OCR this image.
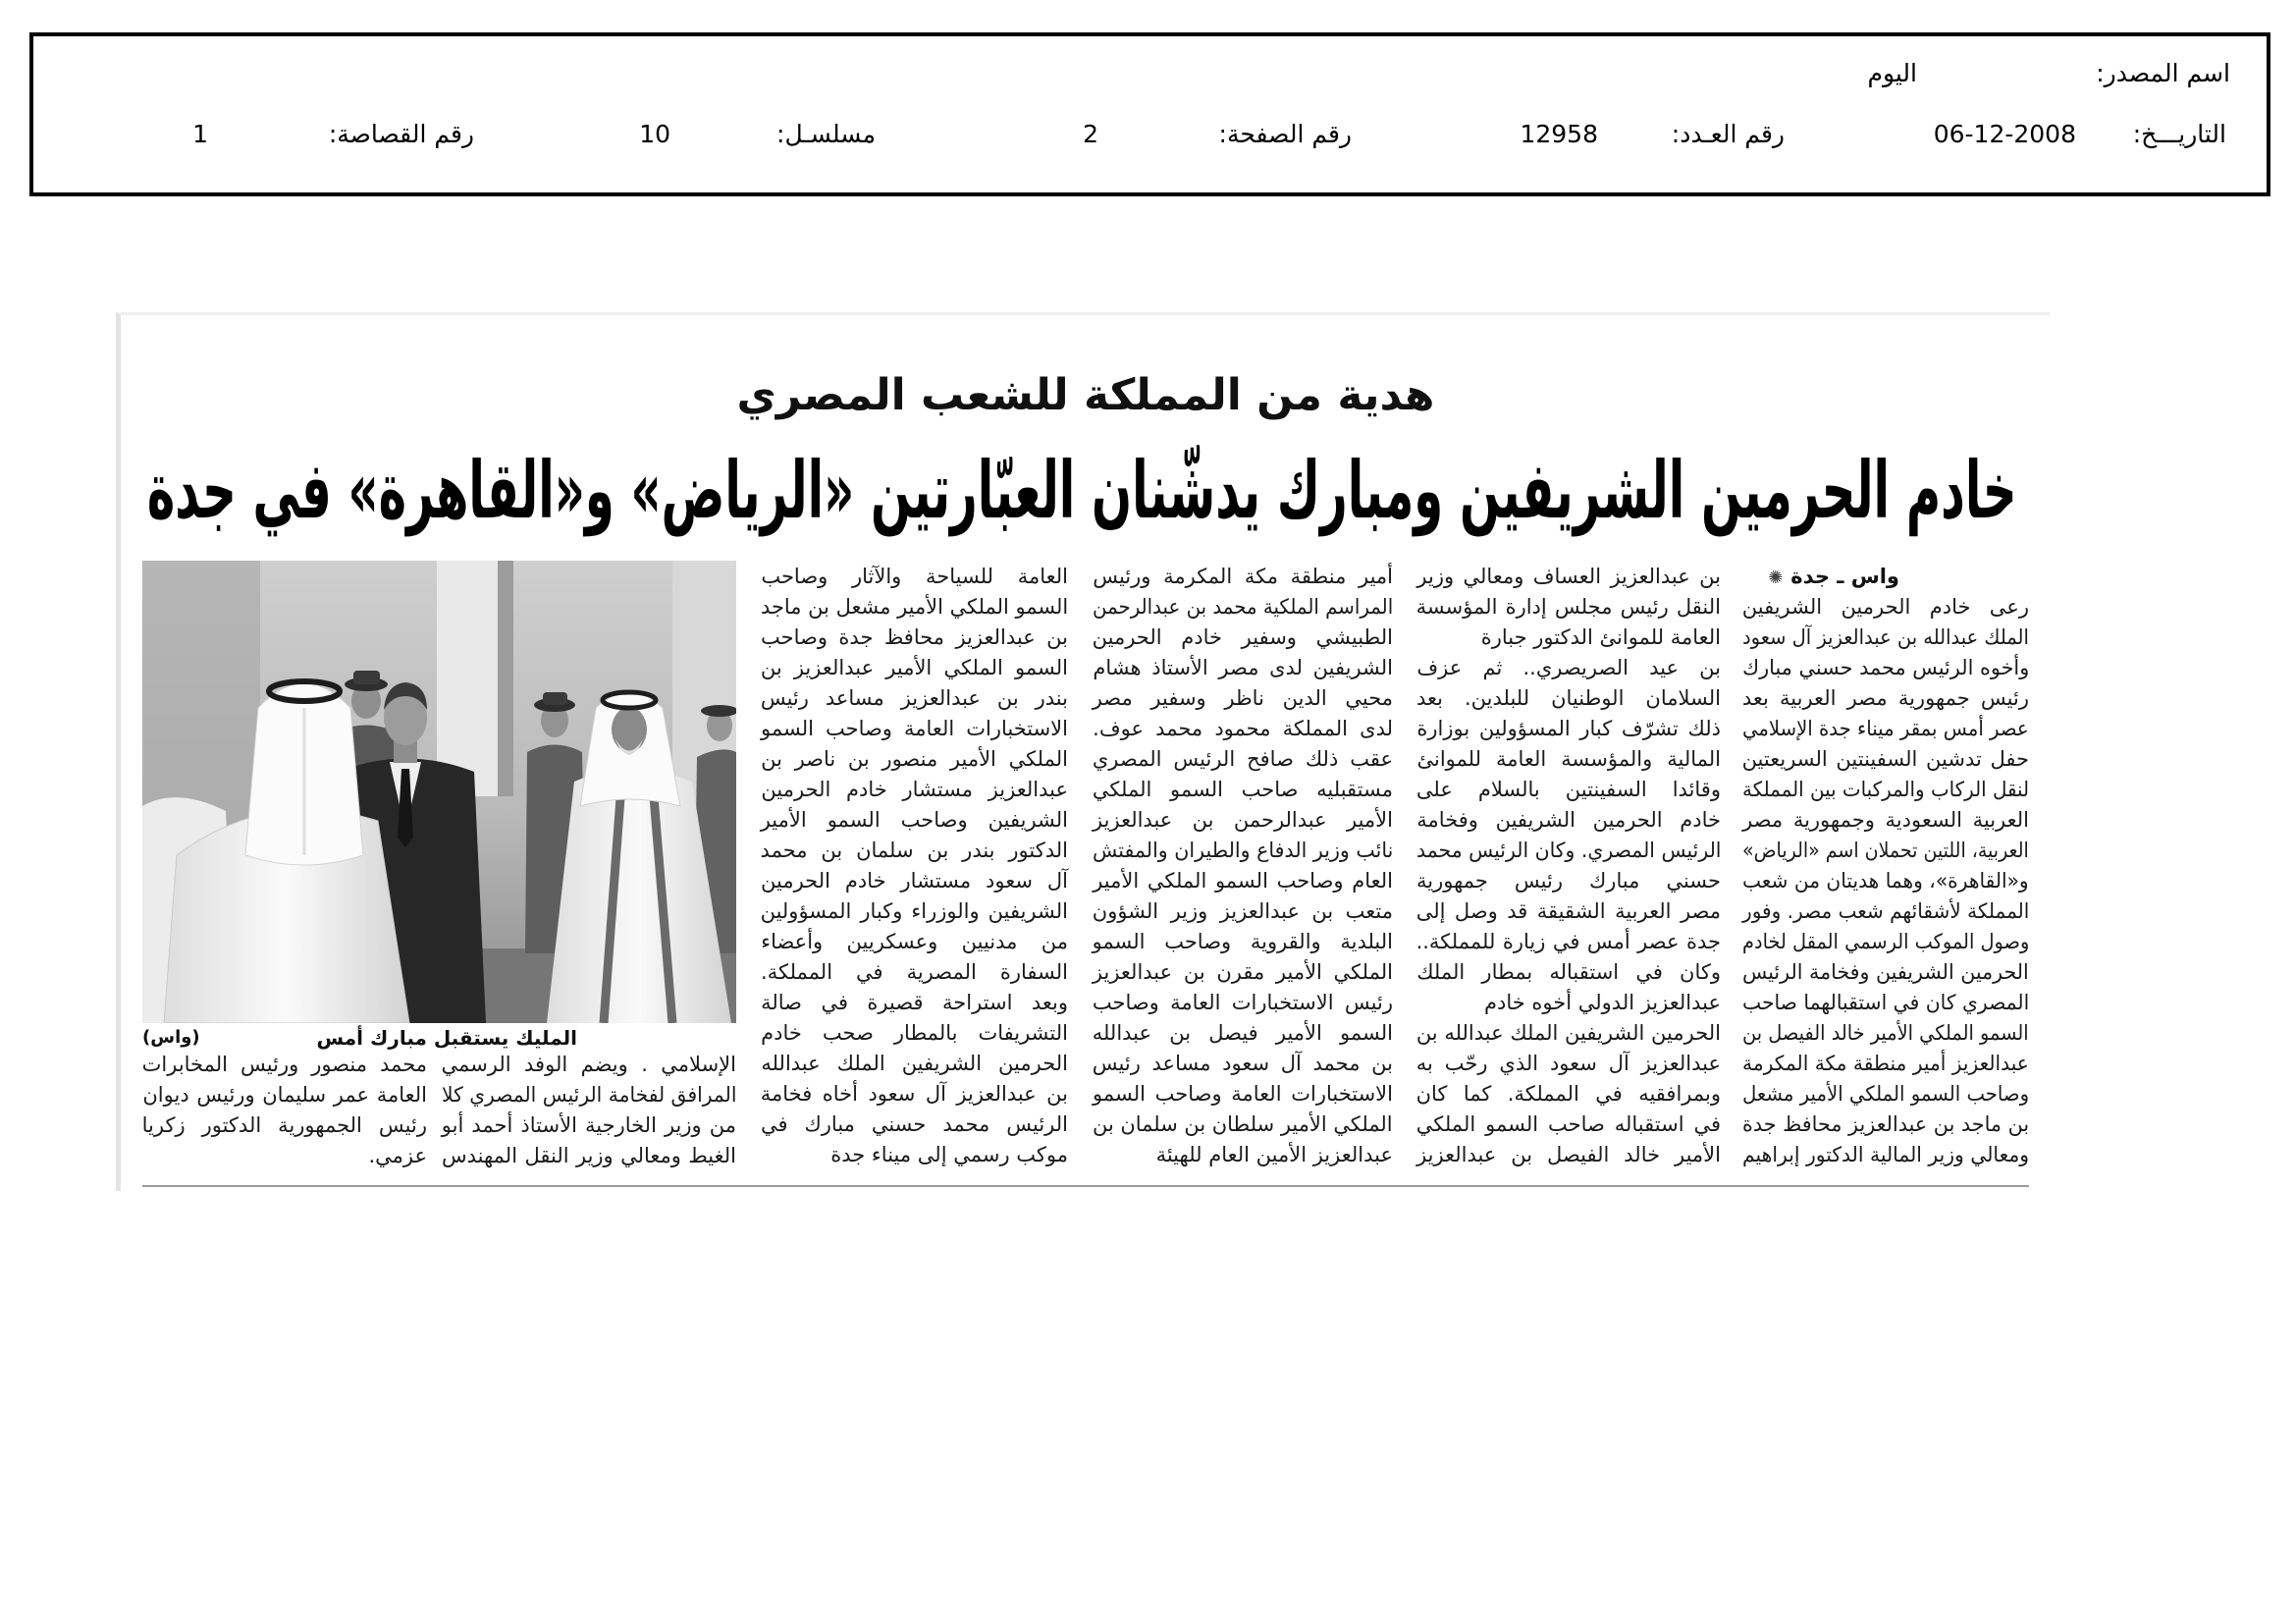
اسم المصدر:
اليوم
التاريـــخ:
06-12-2008
رقم العـدد:
12958
رقم الصفحة:
2
مسلسـل:
10
رقم القصاصة:
1
هدية من المملكة للشعب المصري
خادم الحرمين الشريفين ومبارك يدشّنان العبّارتين «الرياض» و«القاهرة» في جدة
واس ـ جدة✺
رعى خادم الحرمين الشريفين
الملك عبدالله بن عبدالعزيز آل سعود
وأخوه الرئيس محمد حسني مبارك
رئيس جمهورية مصر العربية بعد
عصر أمس بمقر ميناء جدة الإسلامي
حفل تدشين السفينتين السريعتين
لنقل الركاب والمركبات بين المملكة
العربية السعودية وجمهورية مصر
العربية، اللتين تحملان اسم «الرياض»
و«القاهرة»، وهما هديتان من شعب
المملكة لأشقائهم شعب مصر. وفور
وصول الموكب الرسمي المقل لخادم
الحرمين الشريفين وفخامة الرئيس
المصري كان في استقبالهما صاحب
السمو الملكي الأمير خالد الفيصل بن
عبدالعزيز أمير منطقة مكة المكرمة
وصاحب السمو الملكي الأمير مشعل
بن ماجد بن عبدالعزيز محافظ جدة
ومعالي وزير المالية الدكتور إبراهيم
بن عبدالعزيز العساف ومعالي وزير
النقل رئيس مجلس إدارة المؤسسة
العامة للموانئ الدكتور جبارة
بن عيد الصريصري.. ثم عزف
السلامان الوطنيان للبلدين. بعد
ذلك تشرّف كبار المسؤولين بوزارة
المالية والمؤسسة العامة للموانئ
وقائدا السفينتين بالسلام على
خادم الحرمين الشريفين وفخامة
الرئيس المصري. وكان الرئيس محمد
حسني مبارك رئيس جمهورية
مصر العربية الشقيقة قد وصل إلى
جدة عصر أمس في زيارة للمملكة..
وكان في استقباله بمطار الملك
عبدالعزيز الدولي أخوه خادم
الحرمين الشريفين الملك عبدالله بن
عبدالعزيز آل سعود الذي رحّب به
وبمرافقيه في المملكة. كما كان
في استقباله صاحب السمو الملكي
الأمير خالد الفيصل بن عبدالعزيز
أمير منطقة مكة المكرمة ورئيس
المراسم الملكية محمد بن عبدالرحمن
الطبيشي وسفير خادم الحرمين
الشريفين لدى مصر الأستاذ هشام
محيي الدين ناظر وسفير مصر
لدى المملكة محمود محمد عوف.
عقب ذلك صافح الرئيس المصري
مستقبليه صاحب السمو الملكي
الأمير عبدالرحمن بن عبدالعزيز
نائب وزير الدفاع والطيران والمفتش
العام وصاحب السمو الملكي الأمير
متعب بن عبدالعزيز وزير الشؤون
البلدية والقروية وصاحب السمو
الملكي الأمير مقرن بن عبدالعزيز
رئيس الاستخبارات العامة وصاحب
السمو الأمير فيصل بن عبدالله
بن محمد آل سعود مساعد رئيس
الاستخبارات العامة وصاحب السمو
الملكي الأمير سلطان بن سلمان بن
عبدالعزيز الأمين العام للهيئة
العامة للسياحة والآثار وصاحب
السمو الملكي الأمير مشعل بن ماجد
بن عبدالعزيز محافظ جدة وصاحب
السمو الملكي الأمير عبدالعزيز بن
بندر بن عبدالعزيز مساعد رئيس
الاستخبارات العامة وصاحب السمو
الملكي الأمير منصور بن ناصر بن
عبدالعزيز مستشار خادم الحرمين
الشريفين وصاحب السمو الأمير
الدكتور بندر بن سلمان بن محمد
آل سعود مستشار خادم الحرمين
الشريفين والوزراء وكبار المسؤولين
من مدنيين وعسكريين وأعضاء
السفارة المصرية في المملكة.
وبعد استراحة قصيرة في صالة
التشريفات بالمطار صحب خادم
الحرمين الشريفين الملك عبدالله
بن عبدالعزيز آل سعود أخاه فخامة
الرئيس محمد حسني مبارك في
موكب رسمي إلى ميناء جدة
الإسلامي . ويضم الوفد الرسمي
المرافق لفخامة الرئيس المصري كلا
من وزير الخارجية الأستاذ أحمد أبو
الغيط ومعالي وزير النقل المهندس
محمد منصور ورئيس المخابرات
العامة عمر سليمان ورئيس ديوان
رئيس الجمهورية الدكتور زكريا
عزمي.
المليك يستقبل مبارك أمس
(واس)
